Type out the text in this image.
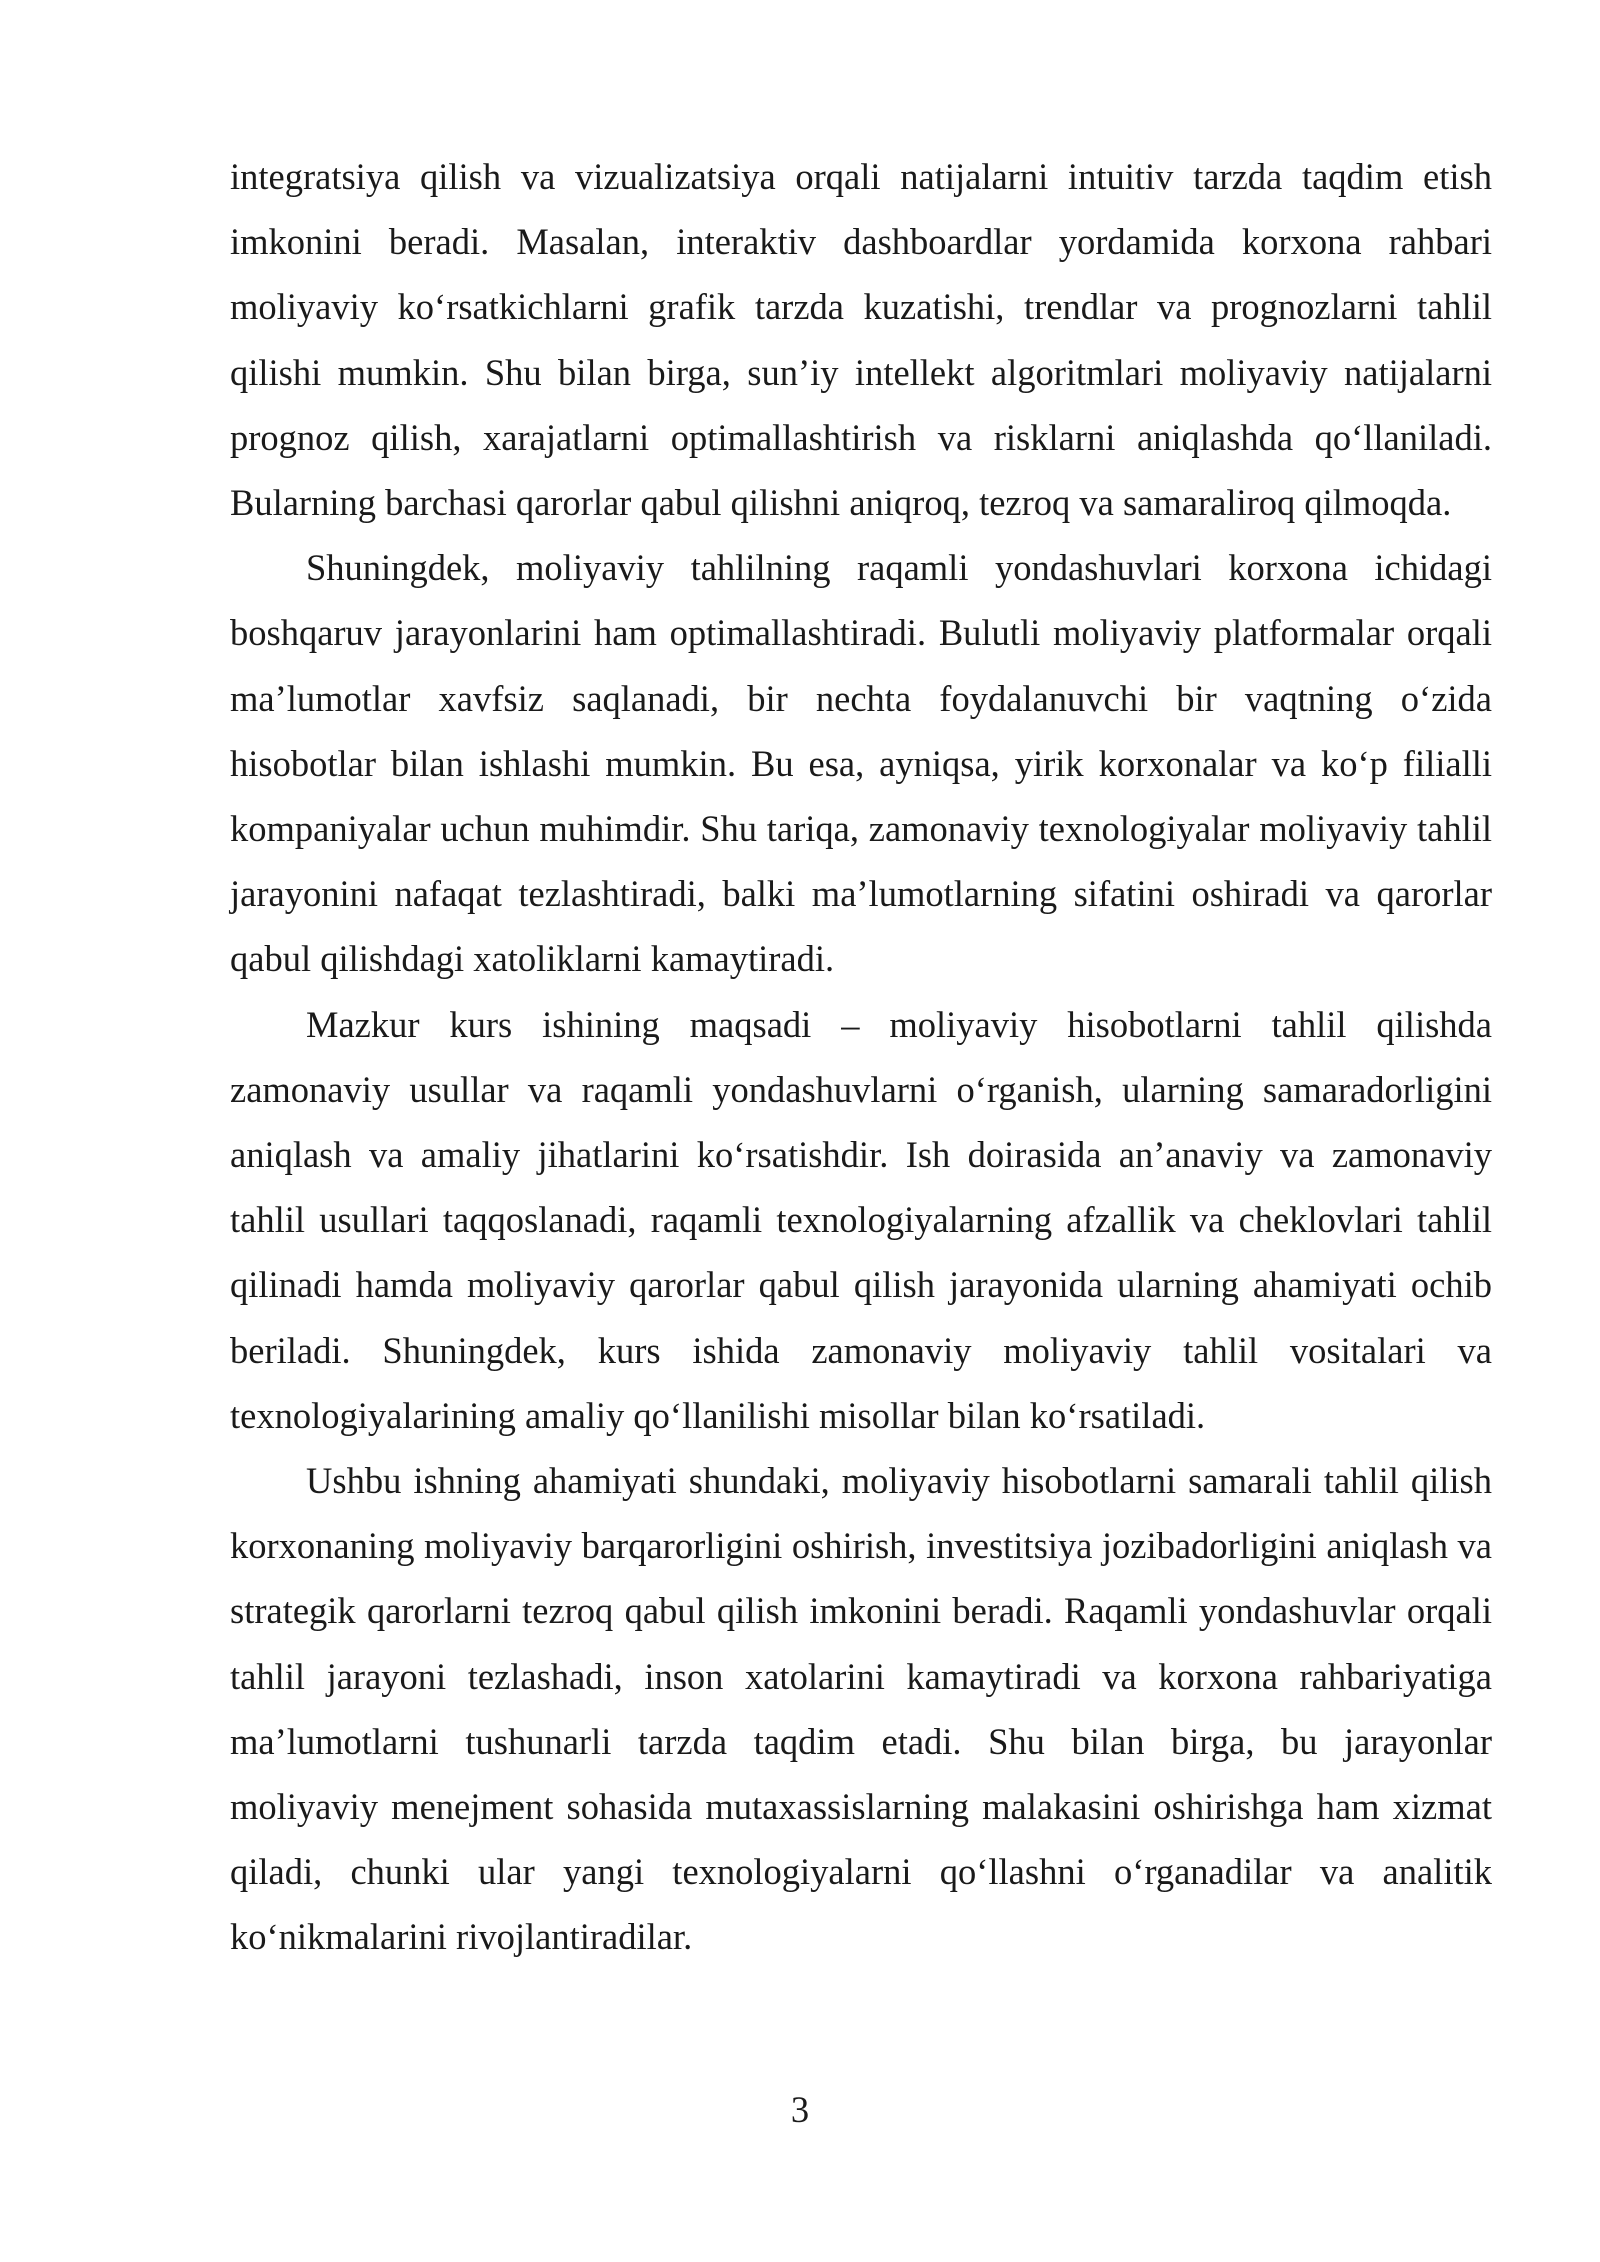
integratsiya qilish va vizualizatsiya orqali natijalarni intuitiv tarzda taqdim etish imkonini beradi. Masalan, interaktiv dashboardlar yordamida korxona rahbari moliyaviy ko‘rsatkichlarni grafik tarzda kuzatishi, trendlar va prognozlarni tahlil qilishi mumkin. Shu bilan birga, sun’iy intellekt algoritmlari moliyaviy natijalarni prognoz qilish, xarajatlarni optimallashtirish va risklarni aniqlashda qo‘llaniladi. Bularning barchasi qarorlar qabul qilishni aniqroq, tezroq va samaraliroq qilmoqda.

Shuningdek, moliyaviy tahlilning raqamli yondashuvlari korxona ichidagi boshqaruv jarayonlarini ham optimallashtiradi. Bulutli moliyaviy platformalar orqali ma’lumotlar xavfsiz saqlanadi, bir nechta foydalanuvchi bir vaqtning o‘zida hisobotlar bilan ishlashi mumkin. Bu esa, ayniqsa, yirik korxonalar va ko‘p filialli kompaniyalar uchun muhimdir. Shu tariqa, zamonaviy texnologiyalar moliyaviy tahlil jarayonini nafaqat tezlashtiradi, balki ma’lumotlarning sifatini oshiradi va qarorlar qabul qilishdagi xatoliklarni kamaytiradi.

Mazkur kurs ishining maqsadi – moliyaviy hisobotlarni tahlil qilishda zamonaviy usullar va raqamli yondashuvlarni o‘rganish, ularning samaradorligini aniqlash va amaliy jihatlarini ko‘rsatishdir. Ish doirasida an’anaviy va zamonaviy tahlil usullari taqqoslanadi, raqamli texnologiyalarning afzallik va cheklovlari tahlil qilinadi hamda moliyaviy qarorlar qabul qilish jarayonida ularning ahamiyati ochib beriladi. Shuningdek, kurs ishida zamonaviy moliyaviy tahlil vositalari va texnologiyalarining amaliy qo‘llanilishi misollar bilan ko‘rsatiladi.

Ushbu ishning ahamiyati shundaki, moliyaviy hisobotlarni samarali tahlil qilish korxonaning moliyaviy barqarorligini oshirish, investitsiya jozibadorligini aniqlash va strategik qarorlarni tezroq qabul qilish imkonini beradi. Raqamli yondashuvlar orqali tahlil jarayoni tezlashadi, inson xatolarini kamaytiradi va korxona rahbariyatiga ma’lumotlarni tushunarli tarzda taqdim etadi. Shu bilan birga, bu jarayonlar moliyaviy menejment sohasida mutaxassislarning malakasini oshirishga ham xizmat qiladi, chunki ular yangi texnologiyalarni qo‘llashni o‘rganadilar va analitik ko‘nikmalarini rivojlantiradilar.

3
